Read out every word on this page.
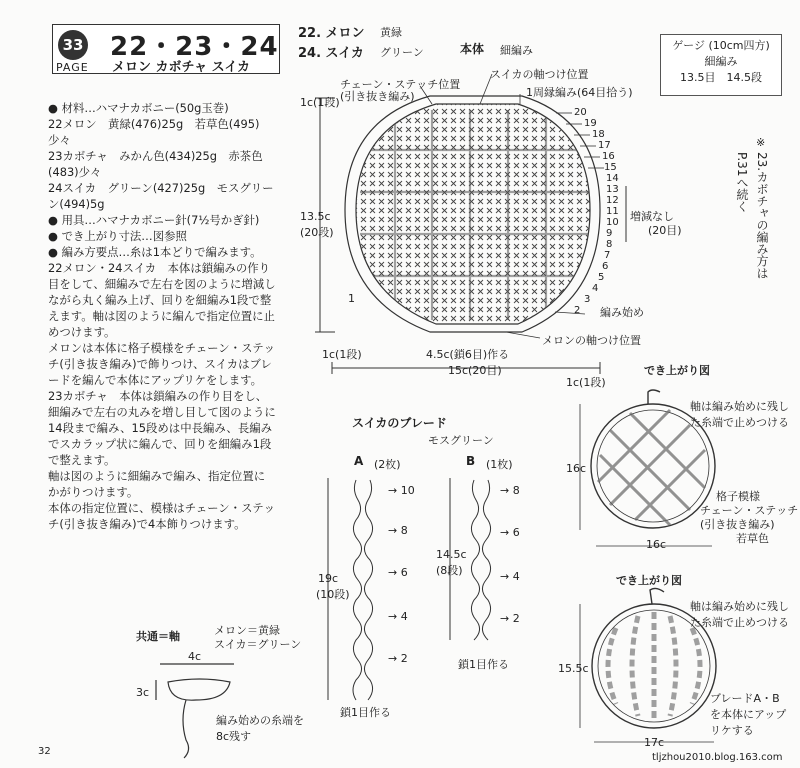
33
PAGE
22・23・24
メロン カボチャ スイカ

● 材料…ハマナカボニー(50g玉巻)

22メロン　黄緑(476)25g　若草色(495)少々

23カボチャ　みかん色(434)25g　赤茶色(483)少々

24スイカ　グリーン(427)25g　モスグリーン(494)5g

● 用具…ハマナカボニー針(7½号かぎ針)

● でき上がり寸法…図参照

● 編み方要点…糸は1本どりで編みます。

22メロン・24スイカ　本体は鎖編みの作り目をして、細編みで左右を図のように増減しながら丸く編み上げ、回りを細編み1段で整えます。軸は図のように編んで指定位置に止めつけます。

メロンは本体に格子模様をチェーン・ステッチ(引き抜き編み)で飾りつけ、スイカはブレードを編んで本体にアップリケをします。

23カボチャ　本体は鎖編みの作り目をし、細編みで左右の丸みを増し目して図のように14段まで編み、15段めは中長編み、長編みでスカラップ状に編んで、回りを細編み1段で整えます。

軸は図のように細編みで編み、指定位置にかがりつけます。

本体の指定位置に、模様はチェーン・ステッチ(引き抜き編み)で4本飾りつけます。

22. メロン 黄緑
24. スイカ グリーン	本体 細編み	ゲージ (10cm四方)
細編み
13.5目　14.5段
※
23.カボチャの編み方は
P.31へ続く
チェーン・ステッチ位置
(引き抜き編み)
スイカの軸つけ位置
1周縁編み(64目拾う)
1c(1段)
13.5c
(20段)
増減なし
(20目)
編み始め
メロンの軸つけ位置
1c(1段)	4.5c(鎖6目)作る
15c(20目)
1c(1段)
1
20
19
18
17
16
15
14
13
12
11
10
9
8
7
6
5
4
3
2
スイカのブレード
モスグリーン
A (2枚)	B (1枚)
19c
(10段)
14.5c
(8段)
→ 10
→ 8
→ 6
→ 4
→ 2
→ 8
→ 6
→ 4
→ 2
鎖1目作る
鎖1目作る
共通＝軸	メロン＝黄緑
スイカ＝グリーン
4c
3c
編み始めの糸端を8c残す
でき上がり図
軸は編み始めに残した糸端で止めつける
格子模様
チェーン・ステッチ
(引き抜き編み)
若草色
16c
16c
でき上がり図
軸は編み始めに残した糸端で止めつける
ブレードA・Bを本体にアップリケする
15.5c
17c
32
tljzhou2010.blog.163.com
